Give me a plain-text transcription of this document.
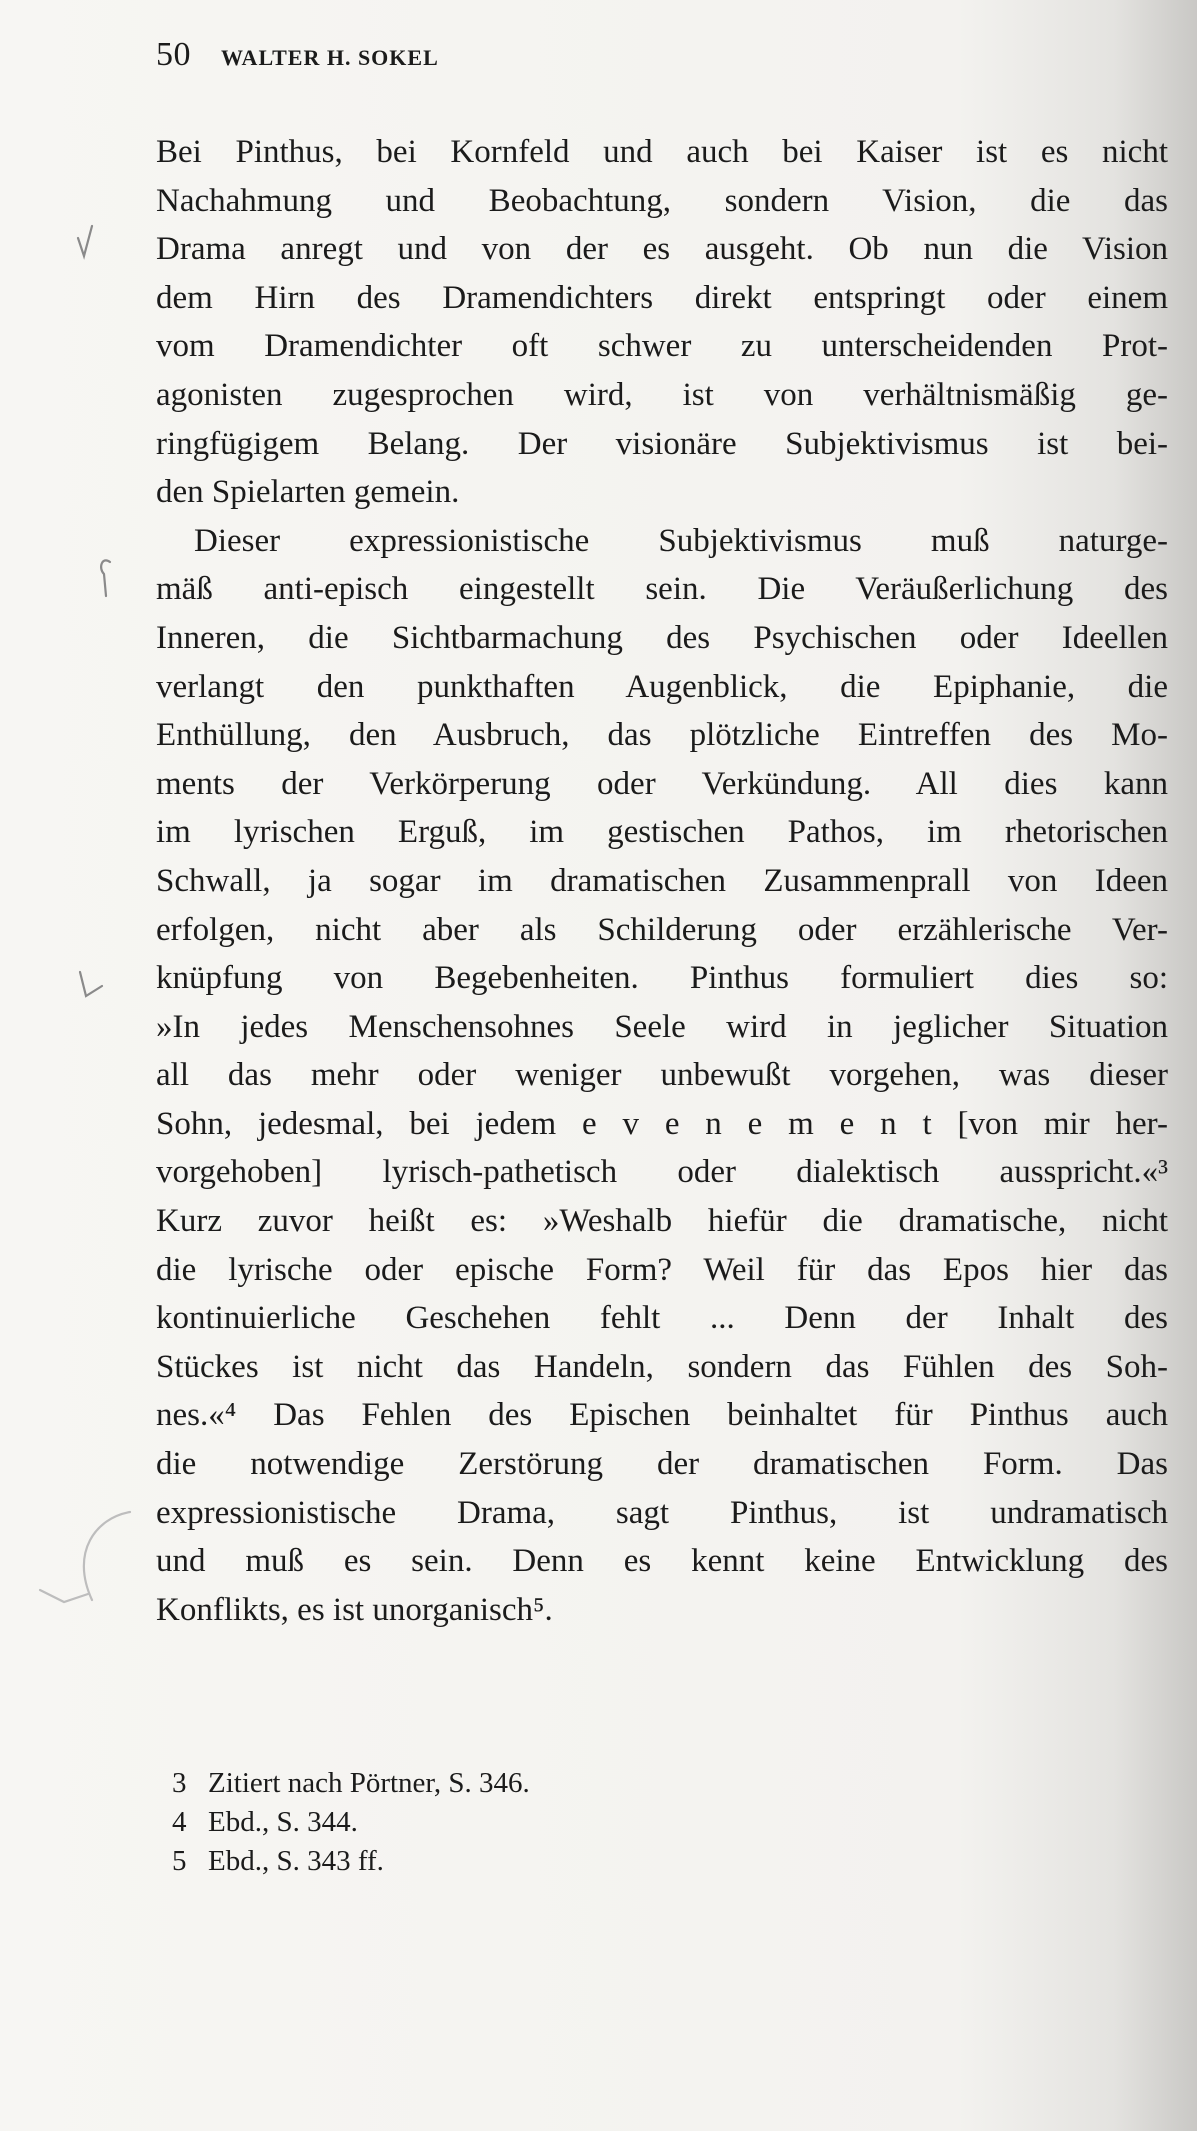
50 WALTER H. SOKEL
Bei Pinthus, bei Kornfeld und auch bei Kaiser ist es nicht
Nachahmung und Beobachtung, sondern Vision, die das
Drama anregt und von der es ausgeht. Ob nun die Vision
dem Hirn des Dramendichters direkt entspringt oder einem
vom Dramendichter oft schwer zu unterscheidenden Prot-
agonisten zugesprochen wird, ist von verhältnismäßig ge-
ringfügigem Belang. Der visionäre Subjektivismus ist bei-
den Spielarten gemein.
Dieser expressionistische Subjektivismus muß naturge-
mäß anti-episch eingestellt sein. Die Veräußerlichung des
Inneren, die Sichtbarmachung des Psychischen oder Ideellen
verlangt den punkthaften Augenblick, die Epiphanie, die
Enthüllung, den Ausbruch, das plötzliche Eintreffen des Mo-
ments der Verkörperung oder Verkündung. All dies kann
im lyrischen Erguß, im gestischen Pathos, im rhetorischen
Schwall, ja sogar im dramatischen Zusammenprall von Ideen
erfolgen, nicht aber als Schilderung oder erzählerische Ver-
knüpfung von Begebenheiten. Pinthus formuliert dies so:
»In jedes Menschensohnes Seele wird in jeglicher Situation
all das mehr oder weniger unbewußt vorgehen, was dieser
Sohn, jedesmal, bei jedem e v e n e m e n t [von mir her-
vorgehoben] lyrisch-pathetisch oder dialektisch ausspricht.«³
Kurz zuvor heißt es: »Weshalb hiefür die dramatische, nicht
die lyrische oder epische Form? Weil für das Epos hier das
kontinuierliche Geschehen fehlt ... Denn der Inhalt des
Stückes ist nicht das Handeln, sondern das Fühlen des Soh-
nes.«⁴ Das Fehlen des Epischen beinhaltet für Pinthus auch
die notwendige Zerstörung der dramatischen Form. Das
expressionistische Drama, sagt Pinthus, ist undramatisch
und muß es sein. Denn es kennt keine Entwicklung des
Konflikts, es ist unorganisch⁵.
3 Zitiert nach Pörtner, S. 346.
4 Ebd., S. 344.
5 Ebd., S. 343 ff.
